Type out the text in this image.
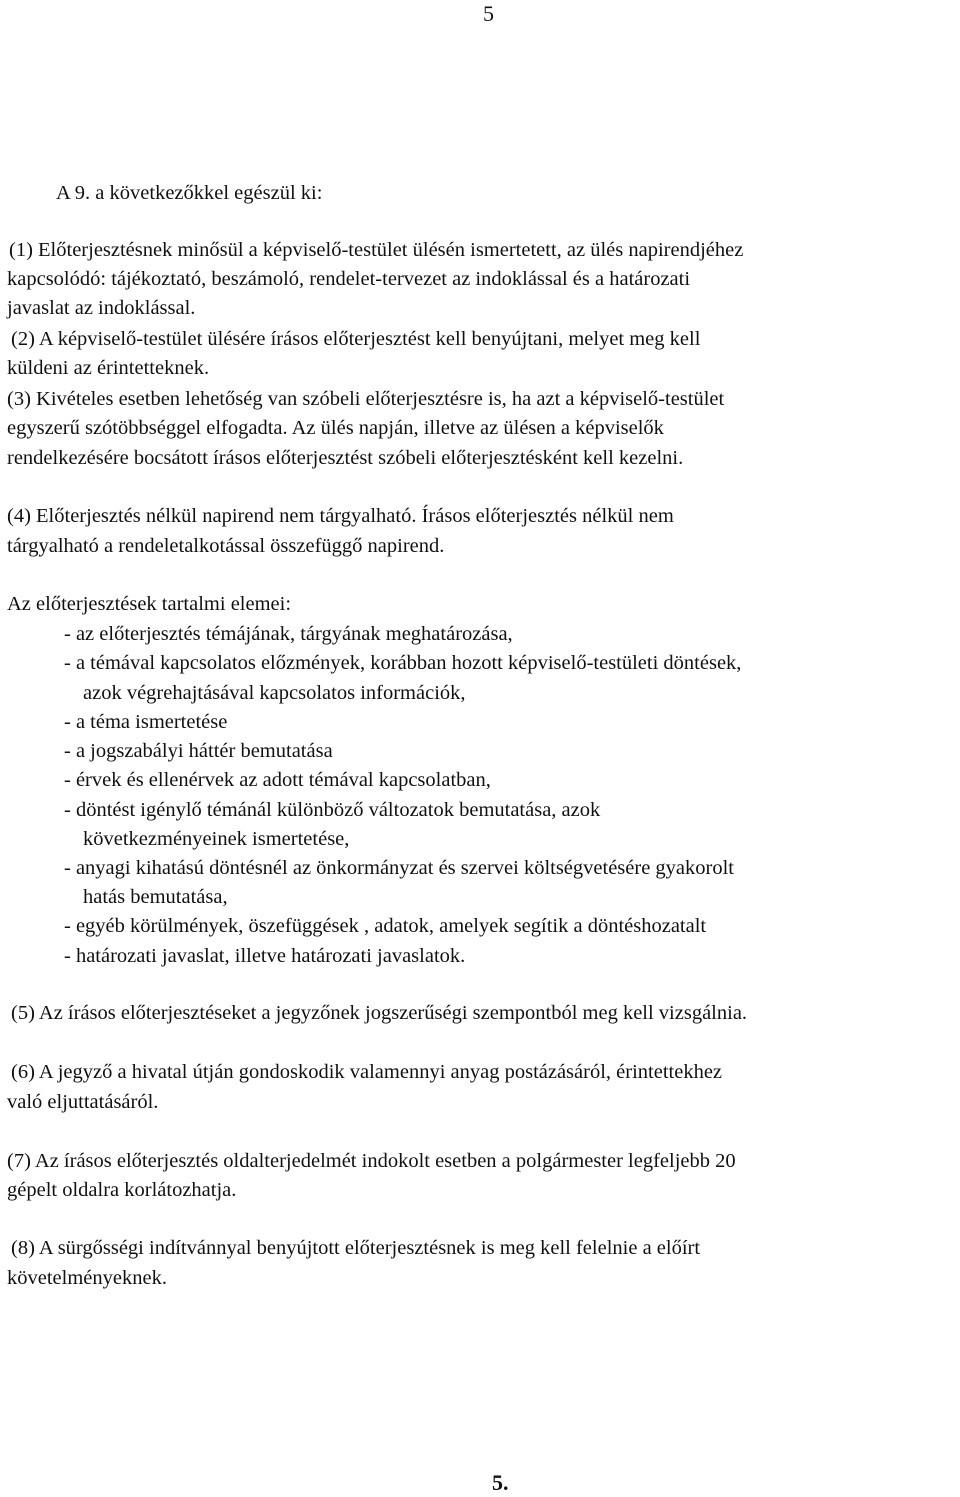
5

A 9. a következőkkel egészül ki:

(1) Előterjesztésnek minősül a képviselő-testület ülésén ismertetett, az ülés napirendjéhez

kapcsolódó: tájékoztató, beszámoló, rendelet-tervezet az indoklással és a határozati

javaslat az indoklással.

(2) A képviselő-testület ülésére írásos előterjesztést kell benyújtani, melyet meg kell

küldeni az érintetteknek.

(3) Kivételes esetben lehetőség van szóbeli előterjesztésre is, ha azt a képviselő-testület

egyszerű szótöbbséggel elfogadta. Az ülés napján, illetve az ülésen a képviselők

rendelkezésére bocsátott írásos előterjesztést szóbeli előterjesztésként kell kezelni.

(4) Előterjesztés nélkül napirend nem tárgyalható. Írásos előterjesztés nélkül nem

tárgyalható a rendeletalkotással összefüggő napirend.

Az előterjesztések tartalmi elemei:

- az előterjesztés témájának, tárgyának meghatározása,

- a témával kapcsolatos előzmények, korábban hozott képviselő-testületi döntések,

azok végrehajtásával kapcsolatos információk,

- a téma ismertetése

- a jogszabályi háttér bemutatása

- érvek és ellenérvek az adott témával kapcsolatban,

- döntést igénylő témánál különböző változatok bemutatása, azok

következményeinek ismertetése,

- anyagi kihatású döntésnél az önkormányzat és szervei költségvetésére gyakorolt

hatás bemutatása,

- egyéb körülmények, öszefüggések , adatok, amelyek segítik a döntéshozatalt

- határozati javaslat, illetve határozati javaslatok.

(5) Az írásos előterjesztéseket a jegyzőnek jogszerűségi szempontból meg kell vizsgálnia.

(6) A jegyző a hivatal útján gondoskodik valamennyi anyag postázásáról, érintettekhez

való eljuttatásáról.

(7) Az írásos előterjesztés oldalterjedelmét indokolt esetben a polgármester legfeljebb 20

gépelt oldalra korlátozhatja.

(8) A sürgősségi indítvánnyal benyújtott előterjesztésnek is meg kell felelnie a előírt

követelményeknek.

5.
